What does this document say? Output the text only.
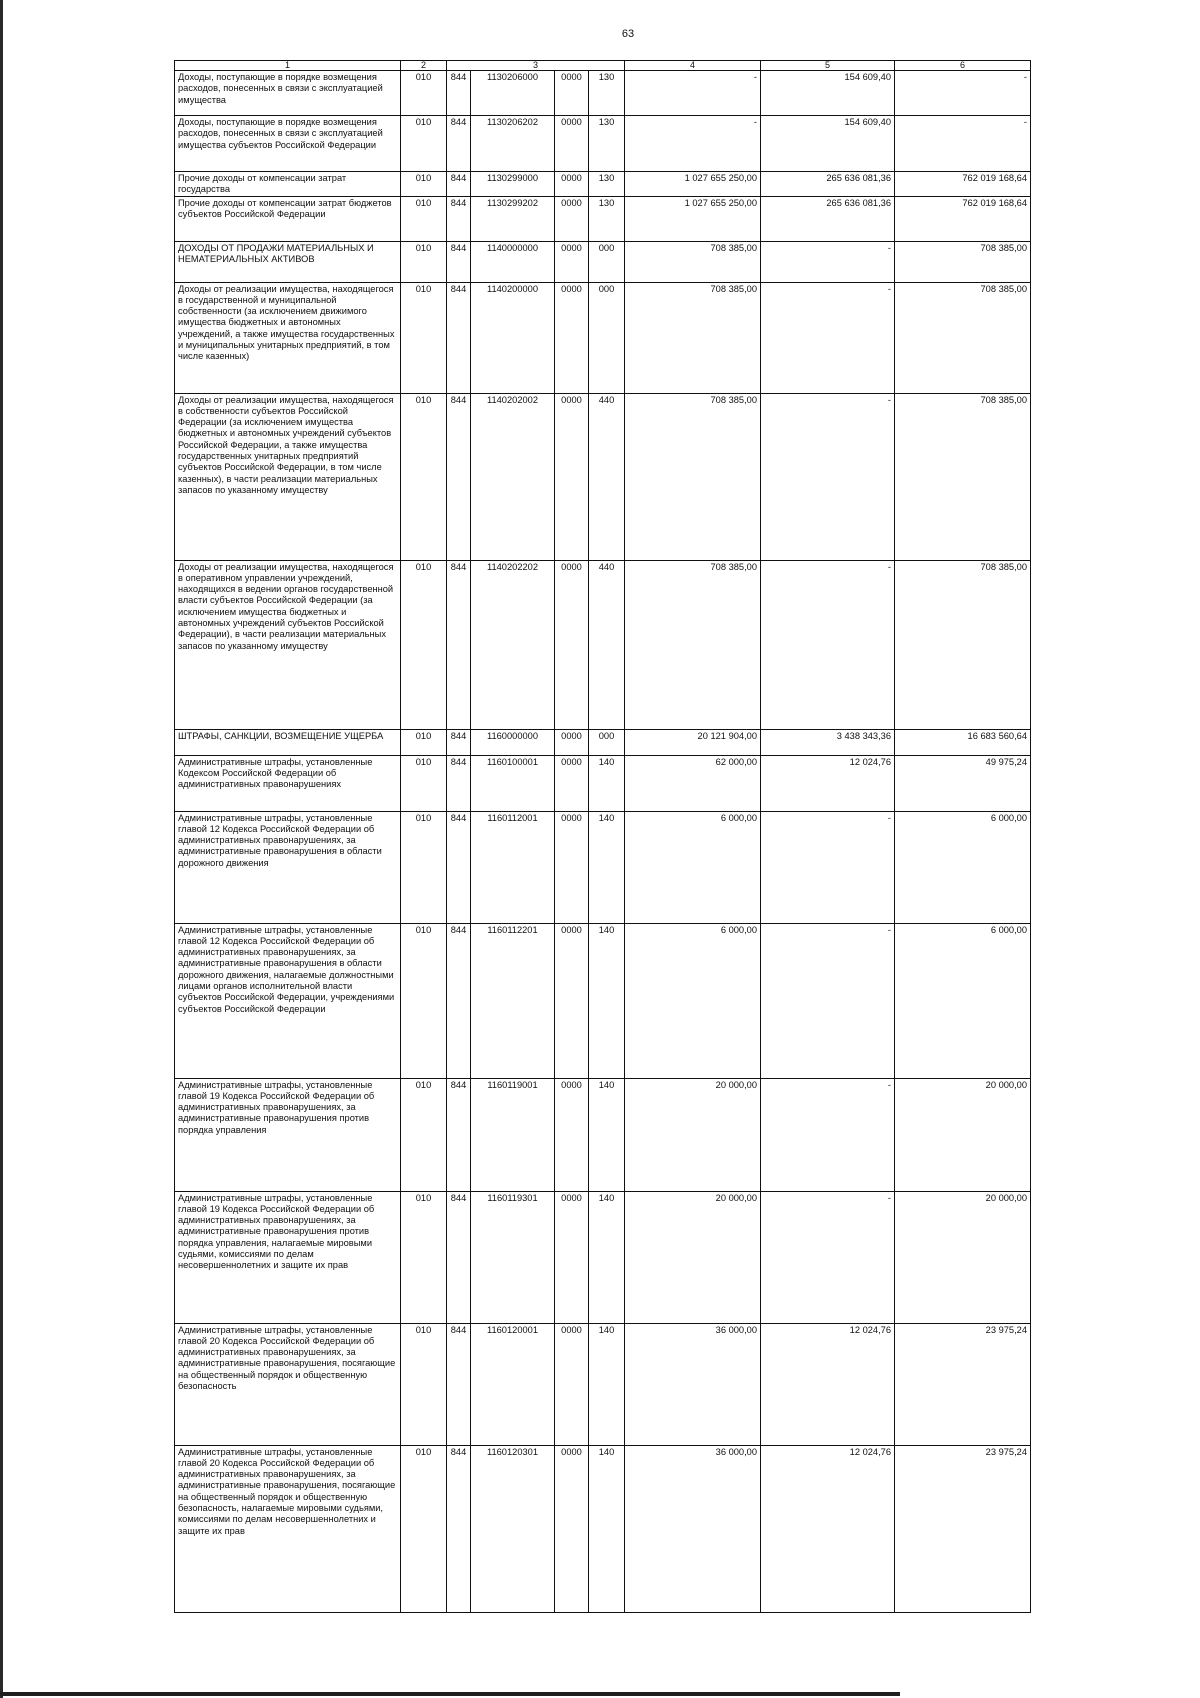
63
1	2	3				4	5	6
Доходы, поступающие в порядке возмещения расходов, понесенных в связи с эксплуатацией имущества	010	844	1130206000	0000	130	-	154 609,40	-
Доходы, поступающие в порядке возмещения расходов, понесенных в связи с эксплуатацией имущества субъектов Российской Федерации	010	844	1130206202	0000	130	-	154 609,40	-
Прочие доходы от компенсации затрат государства	010	844	1130299000	0000	130	1 027 655 250,00	265 636 081,36	762 019 168,64
Прочие доходы от компенсации затрат бюджетов субъектов Российской Федерации	010	844	1130299202	0000	130	1 027 655 250,00	265 636 081,36	762 019 168,64
ДОХОДЫ ОТ ПРОДАЖИ МАТЕРИАЛЬНЫХ И НЕМАТЕРИАЛЬНЫХ АКТИВОВ	010	844	1140000000	0000	000	708 385,00	-	708 385,00
Доходы от реализации имущества, находящегося в государственной и муниципальной собственности (за исключением движимого имущества бюджетных и автономных учреждений, а также имущества государственных и муниципальных унитарных предприятий, в том числе казенных)	010	844	1140200000	0000	000	708 385,00	-	708 385,00
Доходы от реализации имущества, находящегося в собственности субъектов Российской Федерации (за исключением имущества бюджетных и автономных учреждений субъектов Российской Федерации, а также имущества государственных унитарных предприятий субъектов Российской Федерации, в том числе казенных), в части реализации материальных запасов по указанному имуществу	010	844	1140202002	0000	440	708 385,00	-	708 385,00
Доходы от реализации имущества, находящегося в оперативном управлении учреждений, находящихся в ведении органов государственной власти субъектов Российской Федерации (за исключением имущества бюджетных и автономных учреждений субъектов Российской Федерации), в части реализации материальных запасов по указанному имуществу	010	844	1140202202	0000	440	708 385,00	-	708 385,00
ШТРАФЫ, САНКЦИИ, ВОЗМЕЩЕНИЕ УЩЕРБА	010	844	1160000000	0000	000	20 121 904,00	3 438 343,36	16 683 560,64
Административные штрафы, установленные Кодексом Российской Федерации об административных правонарушениях	010	844	1160100001	0000	140	62 000,00	12 024,76	49 975,24
Административные штрафы, установленные главой 12 Кодекса Российской Федерации об административных правонарушениях, за административные правонарушения в области дорожного движения	010	844	1160112001	0000	140	6 000,00	-	6 000,00
Административные штрафы, установленные главой 12 Кодекса Российской Федерации об административных правонарушениях, за административные правонарушения в области дорожного движения, налагаемые должностными лицами органов исполнительной власти субъектов Российской Федерации, учреждениями субъектов Российской Федерации	010	844	1160112201	0000	140	6 000,00	-	6 000,00
Административные штрафы, установленные главой 19 Кодекса Российской Федерации об административных правонарушениях, за административные правонарушения против порядка управления	010	844	1160119001	0000	140	20 000,00	-	20 000,00
Административные штрафы, установленные главой 19 Кодекса Российской Федерации об административных правонарушениях, за административные правонарушения против порядка управления, налагаемые мировыми судьями, комиссиями по делам несовершеннолетних и защите их прав	010	844	1160119301	0000	140	20 000,00	-	20 000,00
Административные штрафы, установленные главой 20 Кодекса Российской Федерации об административных правонарушениях, за административные правонарушения, посягающие на общественный порядок и общественную безопасность	010	844	1160120001	0000	140	36 000,00	12 024,76	23 975,24
Административные штрафы, установленные главой 20 Кодекса Российской Федерации об административных правонарушениях, за административные правонарушения, посягающие на общественный порядок и общественную безопасность, налагаемые мировыми судьями, комиссиями по делам несовершеннолетних и защите их прав	010	844	1160120301	0000	140	36 000,00	12 024,76	23 975,24
